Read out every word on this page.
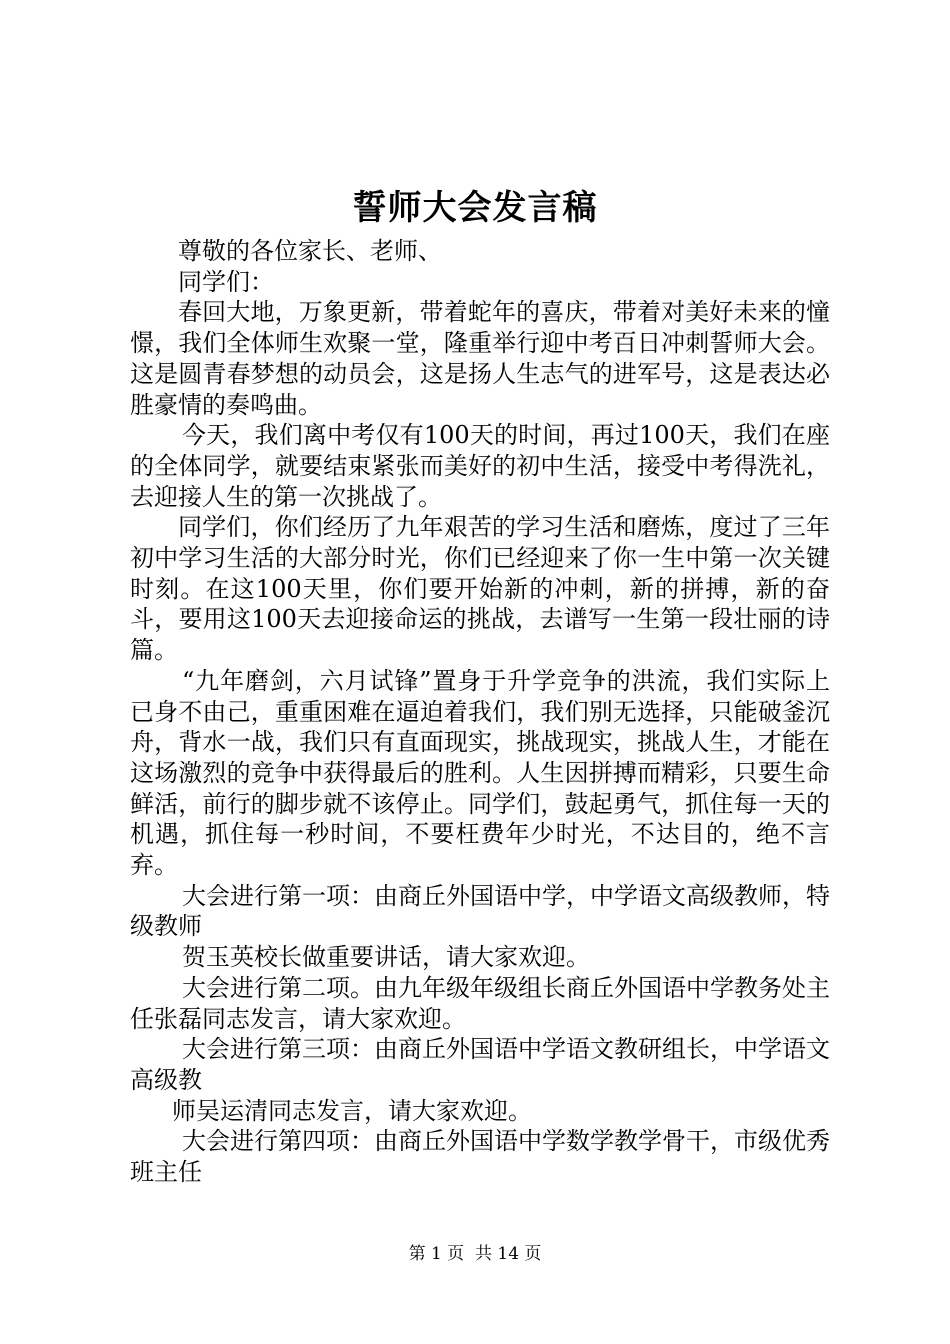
誓师大会发言稿

尊敬的各位家长、老师、

同学们：

春回大地，万象更新，带着蛇年的喜庆，带着对美好未来的憧憬，我们全体师生欢聚一堂，隆重举行迎中考百日冲刺誓师大会。这是圆青春梦想的动员会，这是扬人生志气的进军号，这是表达必胜豪情的奏鸣曲。

今天，我们离中考仅有100天的时间，再过100天，我们在座的全体同学，就要结束紧张而美好的初中生活，接受中考得洗礼，去迎接人生的第一次挑战了。

同学们，你们经历了九年艰苦的学习生活和磨炼，度过了三年初中学习生活的大部分时光，你们已经迎来了你一生中第一次关键时刻。在这100天里，你们要开始新的冲刺，新的拼搏，新的奋斗，要用这100天去迎接命运的挑战，去谱写一生第一段壮丽的诗篇。

“九年磨剑，六月试锋”置身于升学竞争的洪流，我们实际上已身不由己，重重困难在逼迫着我们，我们别无选择，只能破釜沉舟，背水一战，我们只有直面现实，挑战现实，挑战人生，才能在这场激烈的竞争中获得最后的胜利。人生因拼搏而精彩，只要生命鲜活，前行的脚步就不该停止。同学们，鼓起勇气，抓住每一天的机遇，抓住每一秒时间，不要枉费年少时光，不达目的，绝不言弃。

大会进行第一项：由商丘外国语中学，中学语文高级教师，特级教师

贺玉英校长做重要讲话，请大家欢迎。

大会进行第二项。由九年级年级组长商丘外国语中学教务处主任张磊同志发言，请大家欢迎。

大会进行第三项：由商丘外国语中学语文教研组长，中学语文高级教

师吴运清同志发言，请大家欢迎。

大会进行第四项：由商丘外国语中学数学教学骨干，市级优秀班主任

第 1 页  共 14 页
